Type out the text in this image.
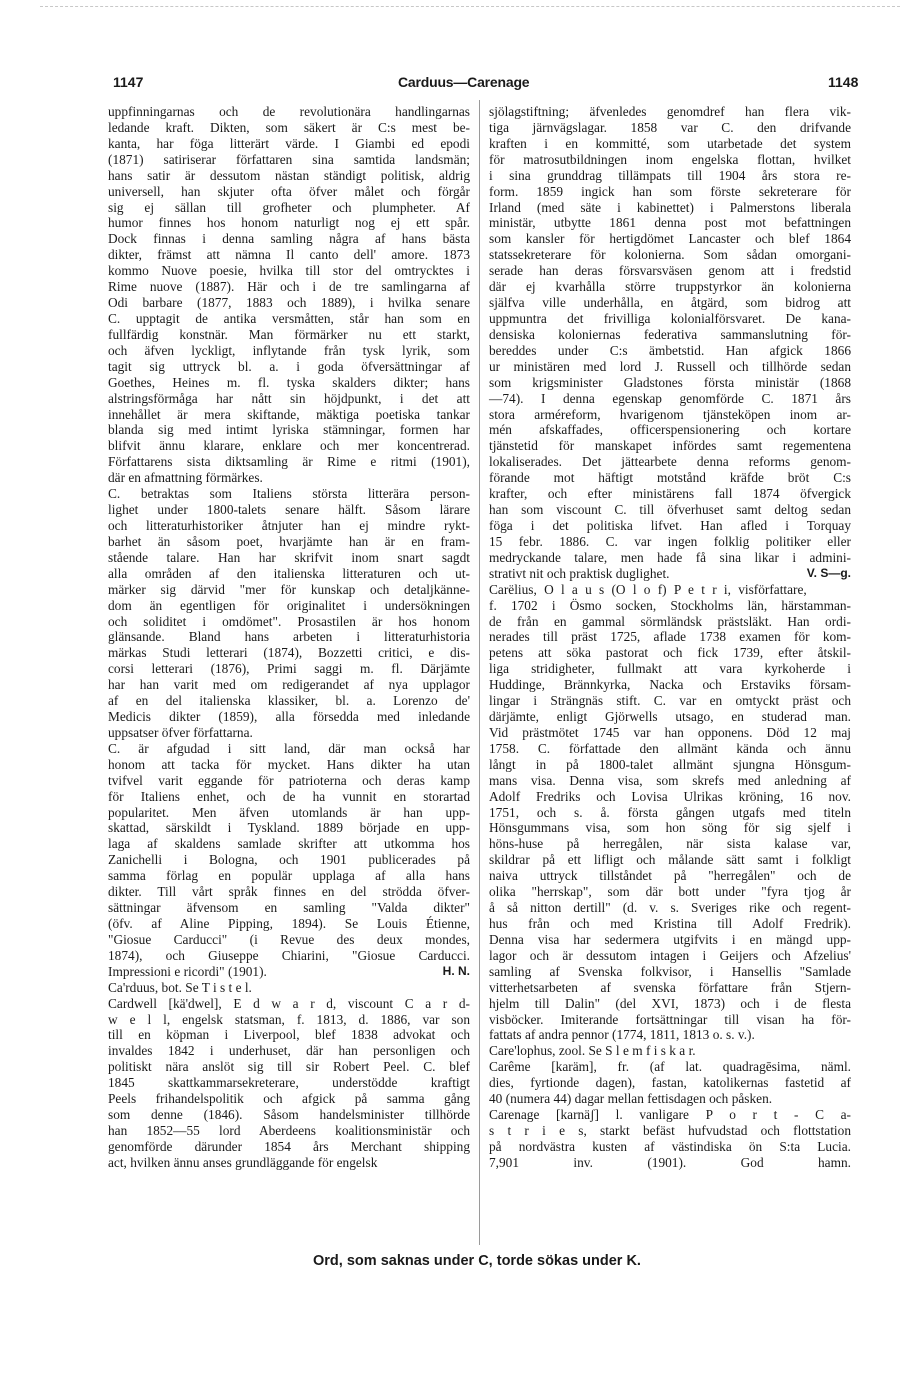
1147	Carduus—Carenage	1148
uppfinningarnas och de revolutionära handlingarnas
ledande kraft. Dikten, som säkert är C:s mest be-
kanta, har föga litterärt värde. I Giambi ed epodi
(1871) satiriserar författaren sina samtida landsmän;
hans satir är dessutom nästan ständigt politisk, aldrig
universell, han skjuter ofta öfver målet och förgår
sig ej sällan till grofheter och plumpheter. Af
humor finnes hos honom naturligt nog ej ett spår.
Dock finnas i denna samling några af hans bästa
dikter, främst att nämna Il canto dell' amore. 1873
kommo Nuove poesie, hvilka till stor del omtrycktes i
Rime nuove (1887). Här och i de tre samlingarna af
Odi barbare (1877, 1883 och 1889), i hvilka senare
C. upptagit de antika versmåtten, står han som en
fullfärdig konstnär. Man förmärker nu ett starkt,
och äfven lyckligt, inflytande från tysk lyrik, som
tagit sig uttryck bl. a. i goda öfversättningar af
Goethes, Heines m. fl. tyska skalders dikter; hans
alstringsförmåga har nått sin höjdpunkt, i det att
innehållet är mera skiftande, mäktiga poetiska tankar
blanda sig med intimt lyriska stämningar, formen har
blifvit ännu klarare, enklare och mer koncentrerad.
Författarens sista diktsamling är Rime e ritmi (1901),
där en afmattning förmärkes.
C. betraktas som Italiens största litterära person-
lighet under 1800-talets senare hälft. Såsom lärare
och litteraturhistoriker åtnjuter han ej mindre rykt-
barhet än såsom poet, hvarjämte han är en fram-
stående talare. Han har skrifvit inom snart sagdt
alla områden af den italienska litteraturen och ut-
märker sig därvid "mer för kunskap och detaljkänne-
dom än egentligen för originalitet i undersökningen
och soliditet i omdömet". Prosastilen är hos honom
glänsande. Bland hans arbeten i litteraturhistoria
märkas Studi letterari (1874), Bozzetti critici, e dis-
corsi letterari (1876), Primi saggi m. fl. Därjämte
har han varit med om redigerandet af nya upplagor
af en del italienska klassiker, bl. a. Lorenzo de'
Medicis dikter (1859), alla försedda med inledande
uppsatser öfver författarna.
C. är afgudad i sitt land, där man också har
honom att tacka för mycket. Hans dikter ha utan
tvifvel varit eggande för patrioterna och deras kamp
för Italiens enhet, och de ha vunnit en storartad
popularitet. Men äfven utomlands är han upp-
skattad, särskildt i Tyskland. 1889 började en upp-
laga af skaldens samlade skrifter att utkomma hos
Zanichelli i Bologna, och 1901 publicerades på
samma förlag en populär upplaga af alla hans
dikter. Till vårt språk finnes en del strödda öfver-
sättningar äfvensom en samling "Valda dikter"
(öfv. af Aline Pipping, 1894). Se Louis Étienne,
"Giosue Carducci" (i Revue des deux mondes,
1874), och Giuseppe Chiarini, "Giosue Carducci.
Impressioni e ricordi" (1901).	H. N.
Ca'rduus, bot. Se T i s t e l.
Cardwell [kä'dwel], E d w a r d, viscount C a r d-
w e l l, engelsk statsman, f. 1813, d. 1886, var son
till en köpman i Liverpool, blef 1838 advokat och
invaldes 1842 i underhuset, där han personligen och
politiskt närа anslöt sig till sir Robert Peel. C. blef
1845 skattkammarsekreterare, understödde kraftigt
Peels frihandelspolitik och afgick på samma gång
som denne (1846). Såsom handelsminister tillhörde
han 1852—55 lord Aberdeens koalitionsministär och
genomförde därunder 1854 års Merchant shipping
act, hvilken ännu anses grundläggande för engelsk
sjölagstiftning; äfvenledes genomdref han flera vik-
tiga järnvägslagar. 1858 var C. den drifvande
kraften i en kommitté, som utarbetade det system
för matrosutbildningen inom engelska flottan, hvilket
i sina grunddrag tillämpats till 1904 års stora re-
form. 1859 ingick han som förste sekreterare för
Irland (med säte i kabinettet) i Palmerstons liberala
ministär, utbytte 1861 denna post mot befattningen
som kansler för hertigdömet Lancaster och blef 1864
statssekreterare för kolonierna. Som sådan omorgani-
serade han deras försvarsväsen genom att i fredstid
där ej kvarhålla större truppstyrkor än kolonierna
själfva ville underhålla, en åtgärd, som bidrog att
uppmuntra det frivilliga kolonialförsvaret. De kana-
densiska koloniernas federativa sammanslutning för-
bereddes under C:s ämbetstid. Han afgick 1866
ur ministären med lord J. Russell och tillhörde sedan
som krigsminister Gladstones första ministär (1868
—74). I denna egenskap genomförde C. 1871 års
stora arméreform, hvarigenom tjänsteköpen inom ar-
mén afskaffades, officerspensionering och kortare
tjänstetid för manskapet infördes samt regementena
lokaliserades. Det jättearbete denna reforms genom-
förande mot häftigt motstånd kräfde bröt C:s
krafter, och efter ministärens fall 1874 öfvergick
han som viscount C. till öfverhuset samt deltog sedan
föga i det politiska lifvet. Han afled i Torquay
15 febr. 1886. C. var ingen folklig politiker eller
medryckande talare, men hade få sina likar i admini-
strativt nit och praktisk duglighet.	V. S—g.
Carëlius, O l a u s (O l o f) P e t r i, visförfattare,
f. 1702 i Ösmo socken, Stockholms län, härstamman-
de från en gammal sörmländsk prästsläkt. Han ordi-
nerades till präst 1725, aflade 1738 examen för kom-
petens att söka pastorat och fick 1739, efter åtskil-
liga stridigheter, fullmakt att vara kyrkoherde i
Huddinge, Brännkyrka, Nacka och Erstaviks försam-
lingar i Strängnäs stift. C. var en omtyckt präst och
därjämte, enligt Gjörwells utsago, en studerad man.
Vid prästmötet 1745 var han opponens. Död 12 maj
1758. C. författade den allmänt kända och ännu
långt in på 1800-talet allmänt sjungna Hönsgum-
mans visa. Denna visa, som skrefs med anledning af
Adolf Fredriks och Lovisa Ulrikas kröning, 16 nov.
1751, och s. å. första gången utgafs med titeln
Hönsgummans visa, som hon söng för sig sjelf i
höns-huse på herregålen, när sista kalase var,
skildrar på ett lifligt och målande sätt samt i folkligt
naiva uttryck tillståndet på "herregålen" och de
olika "herrskap", som där bott under "fyra tjog år
å så nitton dertill" (d. v. s. Sveriges rike och regent-
hus från och med Kristina till Adolf Fredrik).
Denna visa har sedermera utgifvits i en mängd upp-
lagor och är dessutom intagen i Geijers och Afzelius'
samling af Svenska folkvisor, i Hansellis "Samlade
vitterhetsarbeten af svenska författare från Stjern-
hjelm till Dalin" (del XVI, 1873) och i de flesta
visböcker. Imiterande fortsättningar till visan ha för-
fattats af andra pennor (1774, 1811, 1813 o. s. v.).
Care'lophus, zool. Se S l e m f i s k a r.
Carême [karäm], fr. (af lat. quadragēsima, näml.
dies, fyrtionde dagen), fastan, katolikernas fastetid af
40 (numera 44) dagar mellan fettisdagen och påsken.
Carenage [karnäʃ] l. vanligare P o r t - C a-
s t r i e s, starkt befäst hufvudstad och flottstation
på nordvästra kusten af västindiska ön S:ta Lucia.
7,901 inv. (1901). God hamn.
Ord, som saknas under C, torde sökas under K.
